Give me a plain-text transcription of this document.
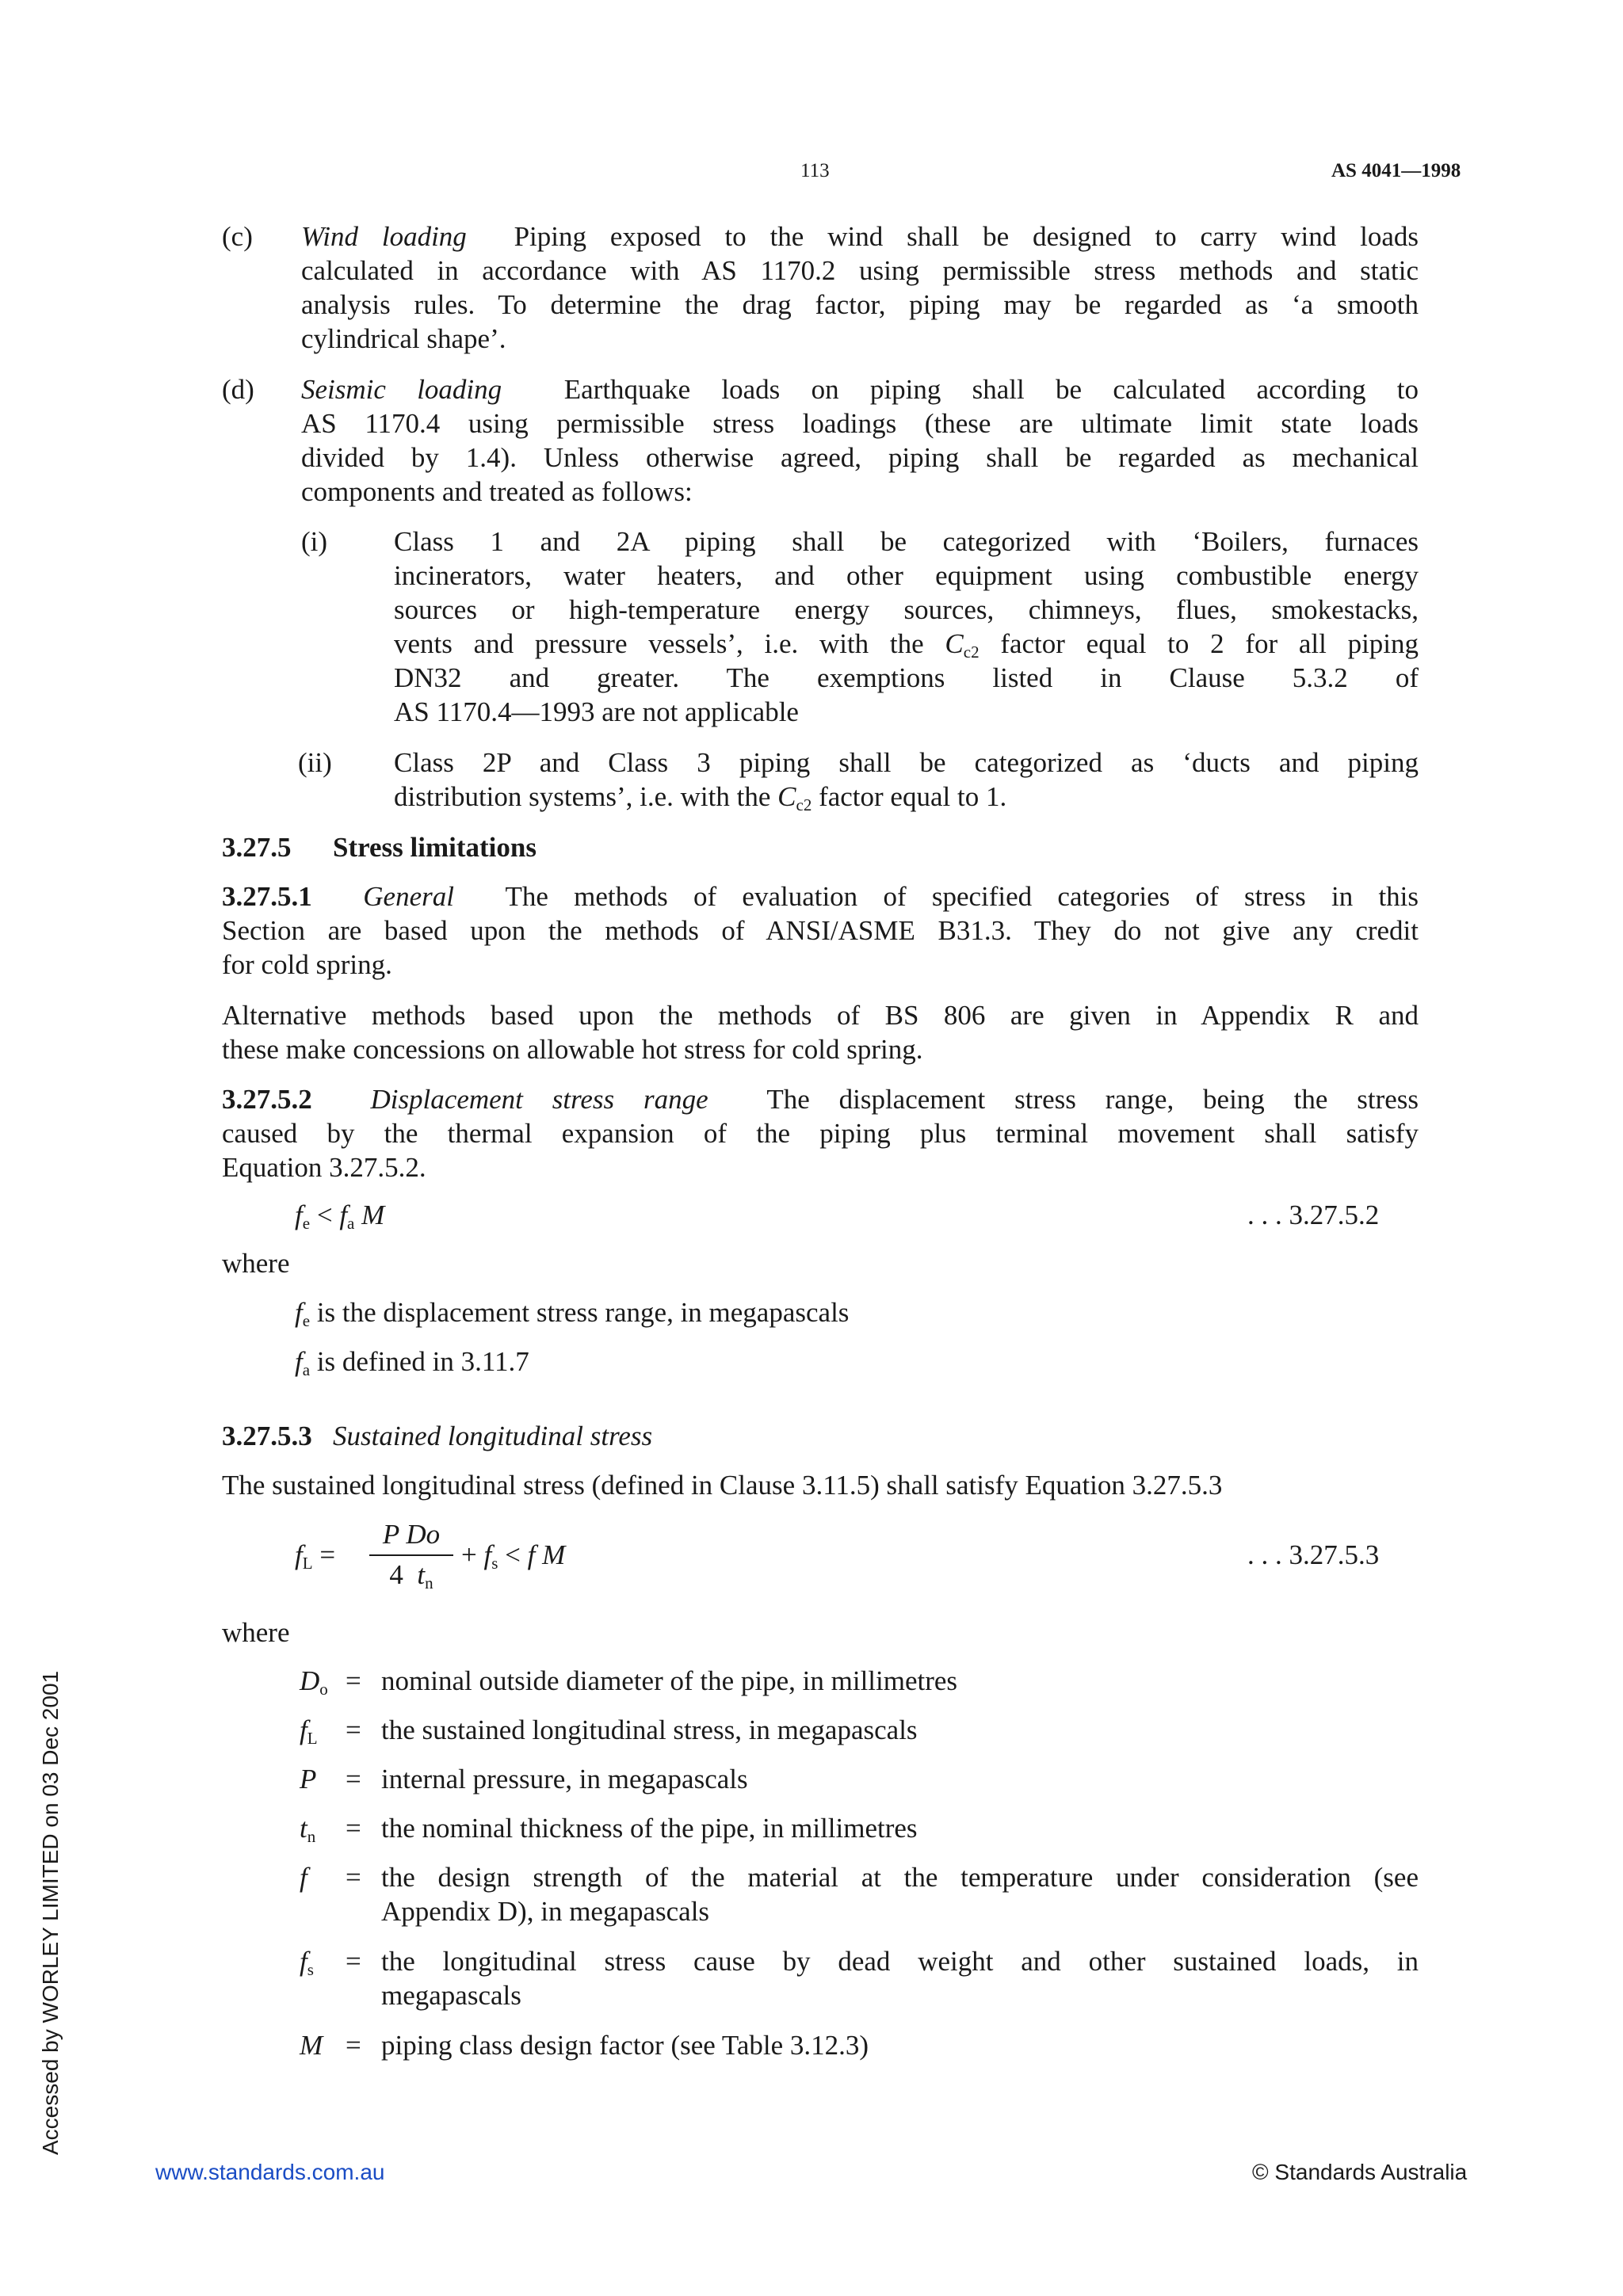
113	AS 4041—1998
(c) Wind loading Piping exposed to the wind shall be designed to carry wind loads
calculated in accordance with AS 1170.2 using permissible stress methods and static
analysis rules. To determine the drag factor, piping may be regarded as ‘a smooth
cylindrical shape’.
(d) Seismic loading Earthquake loads on piping shall be calculated according to
AS 1170.4 using permissible stress loadings (these are ultimate limit state loads
divided by 1.4). Unless otherwise agreed, piping shall be regarded as mechanical
components and treated as follows:
(i) Class 1 and 2A piping shall be categorized with ‘Boilers, furnaces
incinerators, water heaters, and other equipment using combustible energy
sources or high-temperature energy sources, chimneys, flues, smokestacks,
vents and pressure vessels’, i.e. with the $C_{c2}$ factor equal to 2 for all piping
DN32 and greater. The exemptions listed in Clause 5.3.2 of
AS 1170.4—1993 are not applicable
(ii) Class 2P and Class 3 piping shall be categorized as ‘ducts and piping
distribution systems’, i.e. with the $C_{c2}$ factor equal to 1.
3.27.5 Stress limitations
3.27.5.1 General The methods of evaluation of specified categories of stress in this
Section are based upon the methods of ANSI/ASME B31.3. They do not give any credit
for cold spring.
Alternative methods based upon the methods of BS 806 are given in Appendix R and
these make concessions on allowable hot stress for cold spring.
3.27.5.2 Displacement stress range The displacement stress range, being the stress
caused by the thermal expansion of the piping plus terminal movement shall satisfy
Equation 3.27.5.2.
$f_e < f_a$ M	. . . 3.27.5.2
where
$f_e$ is the displacement stress range, in megapascals
$f_a$ is defined in 3.11.7
3.27.5.3 Sustained longitudinal stress
The sustained longitudinal stress (defined in Clause 3.11.5) shall satisfy Equation 3.27.5.3
$f_L$ =
P Do
4 $t_n$
+ $f_s < f$ M	. . . 3.27.5.3
where
$D_o$ = nominal outside diameter of the pipe, in millimetres
$f_L$ = the sustained longitudinal stress, in megapascals
P = internal pressure, in megapascals
$t_n$ = the nominal thickness of the pipe, in millimetres
f = the design strength of the material at the temperature under consideration (see
Appendix D), in megapascals
$f_s$ = the longitudinal stress cause by dead weight and other sustained loads, in
megapascals
M = piping class design factor (see Table 3.12.3)
Accessed by WORLEY LIMITED on 03 Dec 2001
www.standards.com.au	© Standards Australia
